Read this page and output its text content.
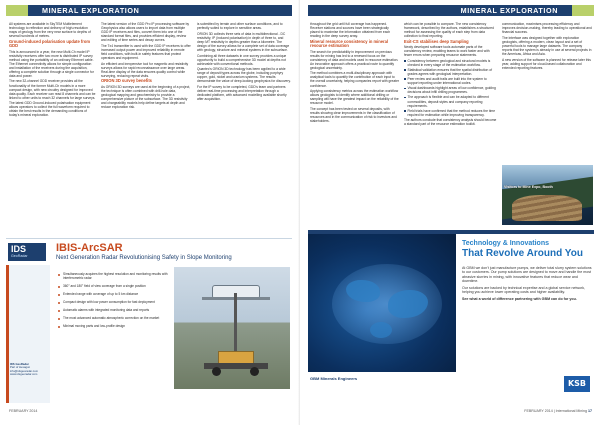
MINERAL EXPLORATION

All systems are available in SkyTEM Multielement technology to reflection and delivery of high-resolution maps of geology from the very near surface to depths of several hundreds of metres.

Ground-induced polarisation update from GDD

This is announced in a year, the new Multi-Ch model IP resistivity receivers offer two more is distributed IP survey method using the portability of an ordinary Ethernet cable. The Ethernet connectivity allows for simple configuration and installation of the receivers during the acquisition, offering a complete solution through a single connector for data and power.

The new 32-channel GDD receiver provides all the functionality of the former Multi-Ch models in a more compact design, with new circuitry designed for improved data quality. Each receiver can read 8 channels and can be linked to other units to reach 32 channels for large surveys.

The latest GDD Ground-induced polarisation equipment allows operators to collect the full waveform required to obtain the best results in the demanding conditions of today's mineral exploration.

The latest version of the GDD Pro IP processing software by Geophysics also allows users to import data from multiple GDD IP receivers and files, convert them into one of the standard format files, and provides efficient display, review and editing of time series and decay curves.

The Tx4 transmitter is used with the GDD IP receivers to offer increased output power and improved reliability in remote field conditions, with built-in safety features that protect operators and equipment.

An efficient and inexpensive tool for magnetic and resistivity surveys allows for rapid reconnaissance over large areas. Real-time display of the data ensures quality control while surveying, reducing repeat visits.

ORION 3D survey benefits

As ORION 3D surveys are used at the beginning of a project, the technique is often combined with drill-hole data, geological mapping and geochemistry to provide a comprehensive picture of the subsurface. The 3D resistivity and chargeability models help define targets at depth and reduce exploration risk.

is submitted by terrain and other surface conditions, and to perfectly suited to explore in sensitive areas.

ORION 3D collects three sets of data in multidirectional - DC resistivity, IP (induced polarisation) in depth of three to, and deep MT resistivity in depths greater than a kilometre. The design of the survey allows for a complete set of data coverage with geology, structure and mineral systems in the subsurface.

Combining all three datasets in one survey provides a unique opportunity to build a comprehensive 3D model at depths not achievable with conventional methods.

Quantec's ORION 3D technology has been applied to a wide range of deposit types across the globe, including porphyry copper, gold, nickel and uranium systems. The results demonstrate the value of deep-looking geophysics for discovery.

For the IP survey to be completed, GDD's team and partners deliver real-time processing and interpretation through a dedicated platform, with advanced modelling available shortly after acquisition.

IDS
GeoRadar
IBIS-ArcSAR
Next Generation Radar Revolutionising Safety in Slope Monitoring
Simultaneously acquires the highest resolution and monitoring results with interferometric radar
360° and 180° field of view coverage from a single position
Extended range with coverage of up to 5 km distance
Compact design with low power consumption for fast deployment
Automatic alarms with integrated monitoring data and reports
The most advanced automatic atmospheric correction on the market
Minimal moving parts and low-profile design
IDS GeoRadar
Part of Hexagon
info@idsgeoradar.com
www.idsgeoradar.com
FEBRUARY 2014
MINERAL EXPLORATION

throughout the grid until full coverage has happened. Receiver stations and sources have been strategically placed to maximise the information obtained from each reading in the deep survey array.

Mineral resource consistency in mineral resource estimation

The search for predictability in improvement on previous results for mining has led to a renewed focus on the consistency of data and models used in resource estimation. An innovative approach offers a practical route to quantify geological uncertainty.

The method combines a multi-disciplinary approach with analytical tools to quantify the contribution of each input to the overall uncertainty, helping companies report with greater confidence.

Applying consistency metrics across the estimation workflow allows geologists to identify where additional drilling or sampling will have the greatest impact on the reliability of the resource model.

The concept has been tested on several deposits, with results showing clear improvements in the classification of resources and in the communication of risk to investors and stakeholders.

which can be possible to compare. The new consistency framework, described by the authors, establishes a structured method for assessing the quality of each step from data collection to final reporting.

Exit-CS stabilises deep Sampling

Newly developed software tools automate parts of the consistency review, enabling teams to work faster and with fewer errors when preparing resource statements.

Consistency between geological and structural models is checked in every stage of the estimation workflow.
Statistical validation ensures that the spatial distribution of grades agrees with geological interpretation.
Peer review and audit trails are built into the system to support reporting under international codes.
Visual dashboards highlight areas of low confidence, guiding decisions about infill drilling programmes.
The approach is flexible and can be adapted to different commodities, deposit styles and company reporting requirements.
Field trials have confirmed that the method reduces the time required for estimation while improving transparency.

The authors conclude that consistency analysis should become a standard part of the resource estimation toolkit.

communication, maximises processing efficiency and improves decision-making, thereby leading to operational and financial success.

The interface was designed together with exploration geologists, offering a modern, clean layout and a set of powerful tools to manage large datasets. The company reports that the system is already in use at several projects in the Americas, Africa and Asia.

A new version of the software is planned for release later this year, adding support for cloud-based collaboration and extended reporting features.

Visitors to Mine Expo, Booth
Technology & Innovations
That Revolve Around You

At GBM we don't just manufacture pumps, we deliver total slurry system solutions to our customers. Our pump solutions are designed to move and handle the most abrasive slurries in mining, with innovative features that reduce wear and downtime.

Our solutions are backed by technical expertise and a global service network, helping you achieve lower operating costs and higher availability.

See what a world of difference partnering with GBM can do for you.

GBM Minerals Engineers
KSB
FEBRUARY 2014 | International Mining 17
